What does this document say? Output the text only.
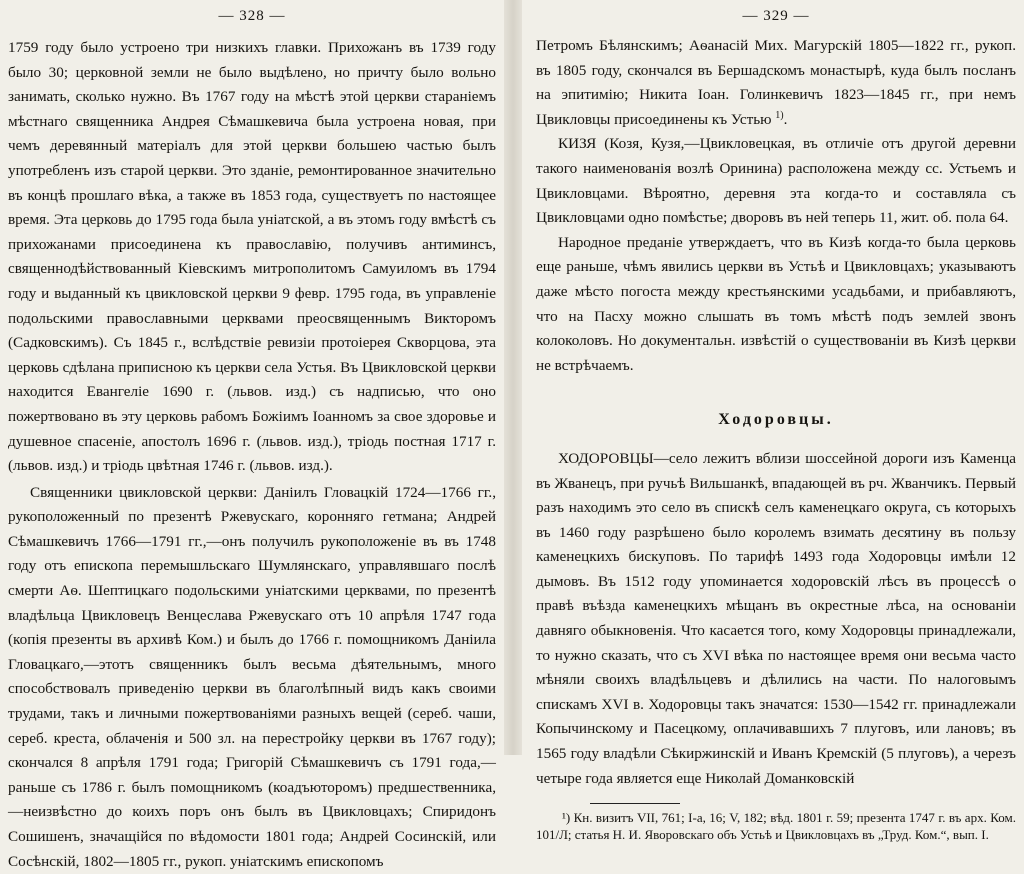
— 328 —

1759 году было устроено три низкихъ главки. Прихожанъ въ 1739 году было 30; церковной земли не было выдѣлено, но причту было вольно занимать, сколько нужно. Въ 1767 году на мѣстѣ этой церкви стараніемъ мѣстнаго священника Андрея Сѣмашкевича была устроена новая, при чемъ деревянный матеріалъ для этой церкви большею частью былъ употребленъ изъ старой церкви. Это зданіе, ремонтированное значительно въ концѣ прошлаго вѣка, а также въ 1853 года, существуетъ по настоящее время. Эта церковь до 1795 года была уніатской, а въ этомъ году вмѣстѣ съ прихожанами присоединена къ православію, получивъ антиминсъ, священнодѣйствованный Кіевскимъ митрополитомъ Самуиломъ въ 1794 году и выданный къ цвикловской церкви 9 февр. 1795 года, въ управленіе подольскими православными церквами преосвященнымъ Викторомъ (Садковскимъ). Съ 1845 г., вслѣдствіе ревизіи протоіерея Скворцова, эта церковь сдѣлана приписною къ церкви села Устья. Въ Цвикловской церкви находится Евангеліе 1690 г. (львов. изд.) съ надписью, что оно пожертвовано въ эту церковь рабомъ Божіимъ Іоанномъ за свое здоровье и душевное спасеніе, апостолъ 1696 г. (львов. изд.), тріодь постная 1717 г. (львов. изд.) и тріодь цвѣтная 1746 г. (львов. изд.).

Священники цвикловской церкви: Даніилъ Гловацкій 1724—1766 гг., рукоположенный по презентѣ Ржевускаго, коронняго гетмана; Андрей Сѣмашкевичъ 1766—1791 гг.,—онъ получилъ рукоположеніе въ въ 1748 году отъ епископа перемышльскаго Шумлянскаго, управлявшаго послѣ смерти Аѳ. Шептицкаго подольскими уніатскими церквами, по презентѣ владѣльца Цвикловецъ Венцеслава Ржевускаго отъ 10 апрѣля 1747 года (копія презенты въ архивѣ Ком.) и былъ до 1766 г. помощникомъ Даніила Гловацкаго,—этотъ священникъ былъ весьма дѣятельнымъ, много способствовалъ приведенію церкви въ благолѣпный видъ какъ своими трудами, такъ и личными пожертвованіями разныхъ вещей (сереб. чаши, сереб. креста, облаченія и 500 зл. на перестройку церкви въ 1767 году); скончался 8 апрѣля 1791 года; Григорій Сѣмашкевичъ съ 1791 года,—раньше съ 1786 г. былъ помощникомъ (коадъюторомъ) предшественника,—неизвѣстно до коихъ поръ онъ былъ въ Цвикловцахъ; Спиридонъ Сошишенъ, значащійся по вѣдомости 1801 года; Андрей Сосинскій, или Сосѣнскій, 1802—1805 гг., рукоп. уніатскимъ епископомъ

— 329 —

Петромъ Бѣлянскимъ; Аѳанасій Мих. Магурскій 1805—1822 гг., рукоп. въ 1805 году, скончался въ Бершадскомъ монастырѣ, куда былъ посланъ на эпитимію; Никита Іоан. Голинкевичъ 1823—1845 гг., при немъ Цвикловцы присоединены къ Устью $^{1)}$.

КИЗЯ (Козя, Кузя,—Цвикловецкая, въ отличіе отъ другой деревни такого наименованія возлѣ Оринина) расположена между сс. Устьемъ и Цвикловцами. Вѣроятно, деревня эта когда-то и составляла съ Цвикловцами одно помѣстье; дворовъ въ ней теперь 11, жит. об. пола 64.

Народное преданіе утверждаетъ, что въ Кизѣ когда-то была церковь еще раньше, чѣмъ явились церкви въ Устьѣ и Цвикловцахъ; указываютъ даже мѣсто погоста между крестьянскими усадьбами, и прибавляютъ, что на Пасху можно слышать въ томъ мѣстѣ подъ землей звонъ колоколовъ. Но документальн. извѣстій о существованіи въ Кизѣ церкви не встрѣчаемъ.

Ходоровцы.

ХОДОРОВЦЫ—село лежитъ вблизи шоссейной дороги изъ Каменца въ Жванецъ, при ручьѣ Вильшанкѣ, впадающей въ рч. Жванчикъ. Первый разъ находимъ это село въ спискѣ селъ каменецкаго округа, съ которыхъ въ 1460 году разрѣшено было королемъ взимать десятину въ пользу каменецкихъ бискуповъ. По тарифѣ 1493 года Ходоровцы имѣли 12 дымовъ. Въ 1512 году упоминается ходоровскій лѣсъ въ процессѣ о правѣ въѣзда каменецкихъ мѣщанъ въ окрестные лѣса, на основаніи давняго обыкновенія. Что касается того, кому Ходоровцы принадлежали, то нужно сказать, что съ XVI вѣка по настоящее время они весьма часто мѣняли своихъ владѣльцевъ и дѣлились на части. По налоговымъ спискамъ XVI в. Ходоровцы такъ значатся: 1530—1542 гг. принадлежали Копычинскому и Пасецкому, оплачивавшихъ 7 плуговъ, или лановъ; въ 1565 году владѣли Сѣкиржинскій и Иванъ Кремскій (5 плуговъ), а черезъ четыре года является еще Николай Доманковскій

¹) Кн. визитъ VII, 761; I-а, 16; V, 182; вѣд. 1801 г. 59; презента 1747 г. въ арх. Ком. 101/Л; статья Н. И. Яворовскаго объ Устьѣ и Цвикловцахъ въ „Труд. Ком.“, вып. I.
